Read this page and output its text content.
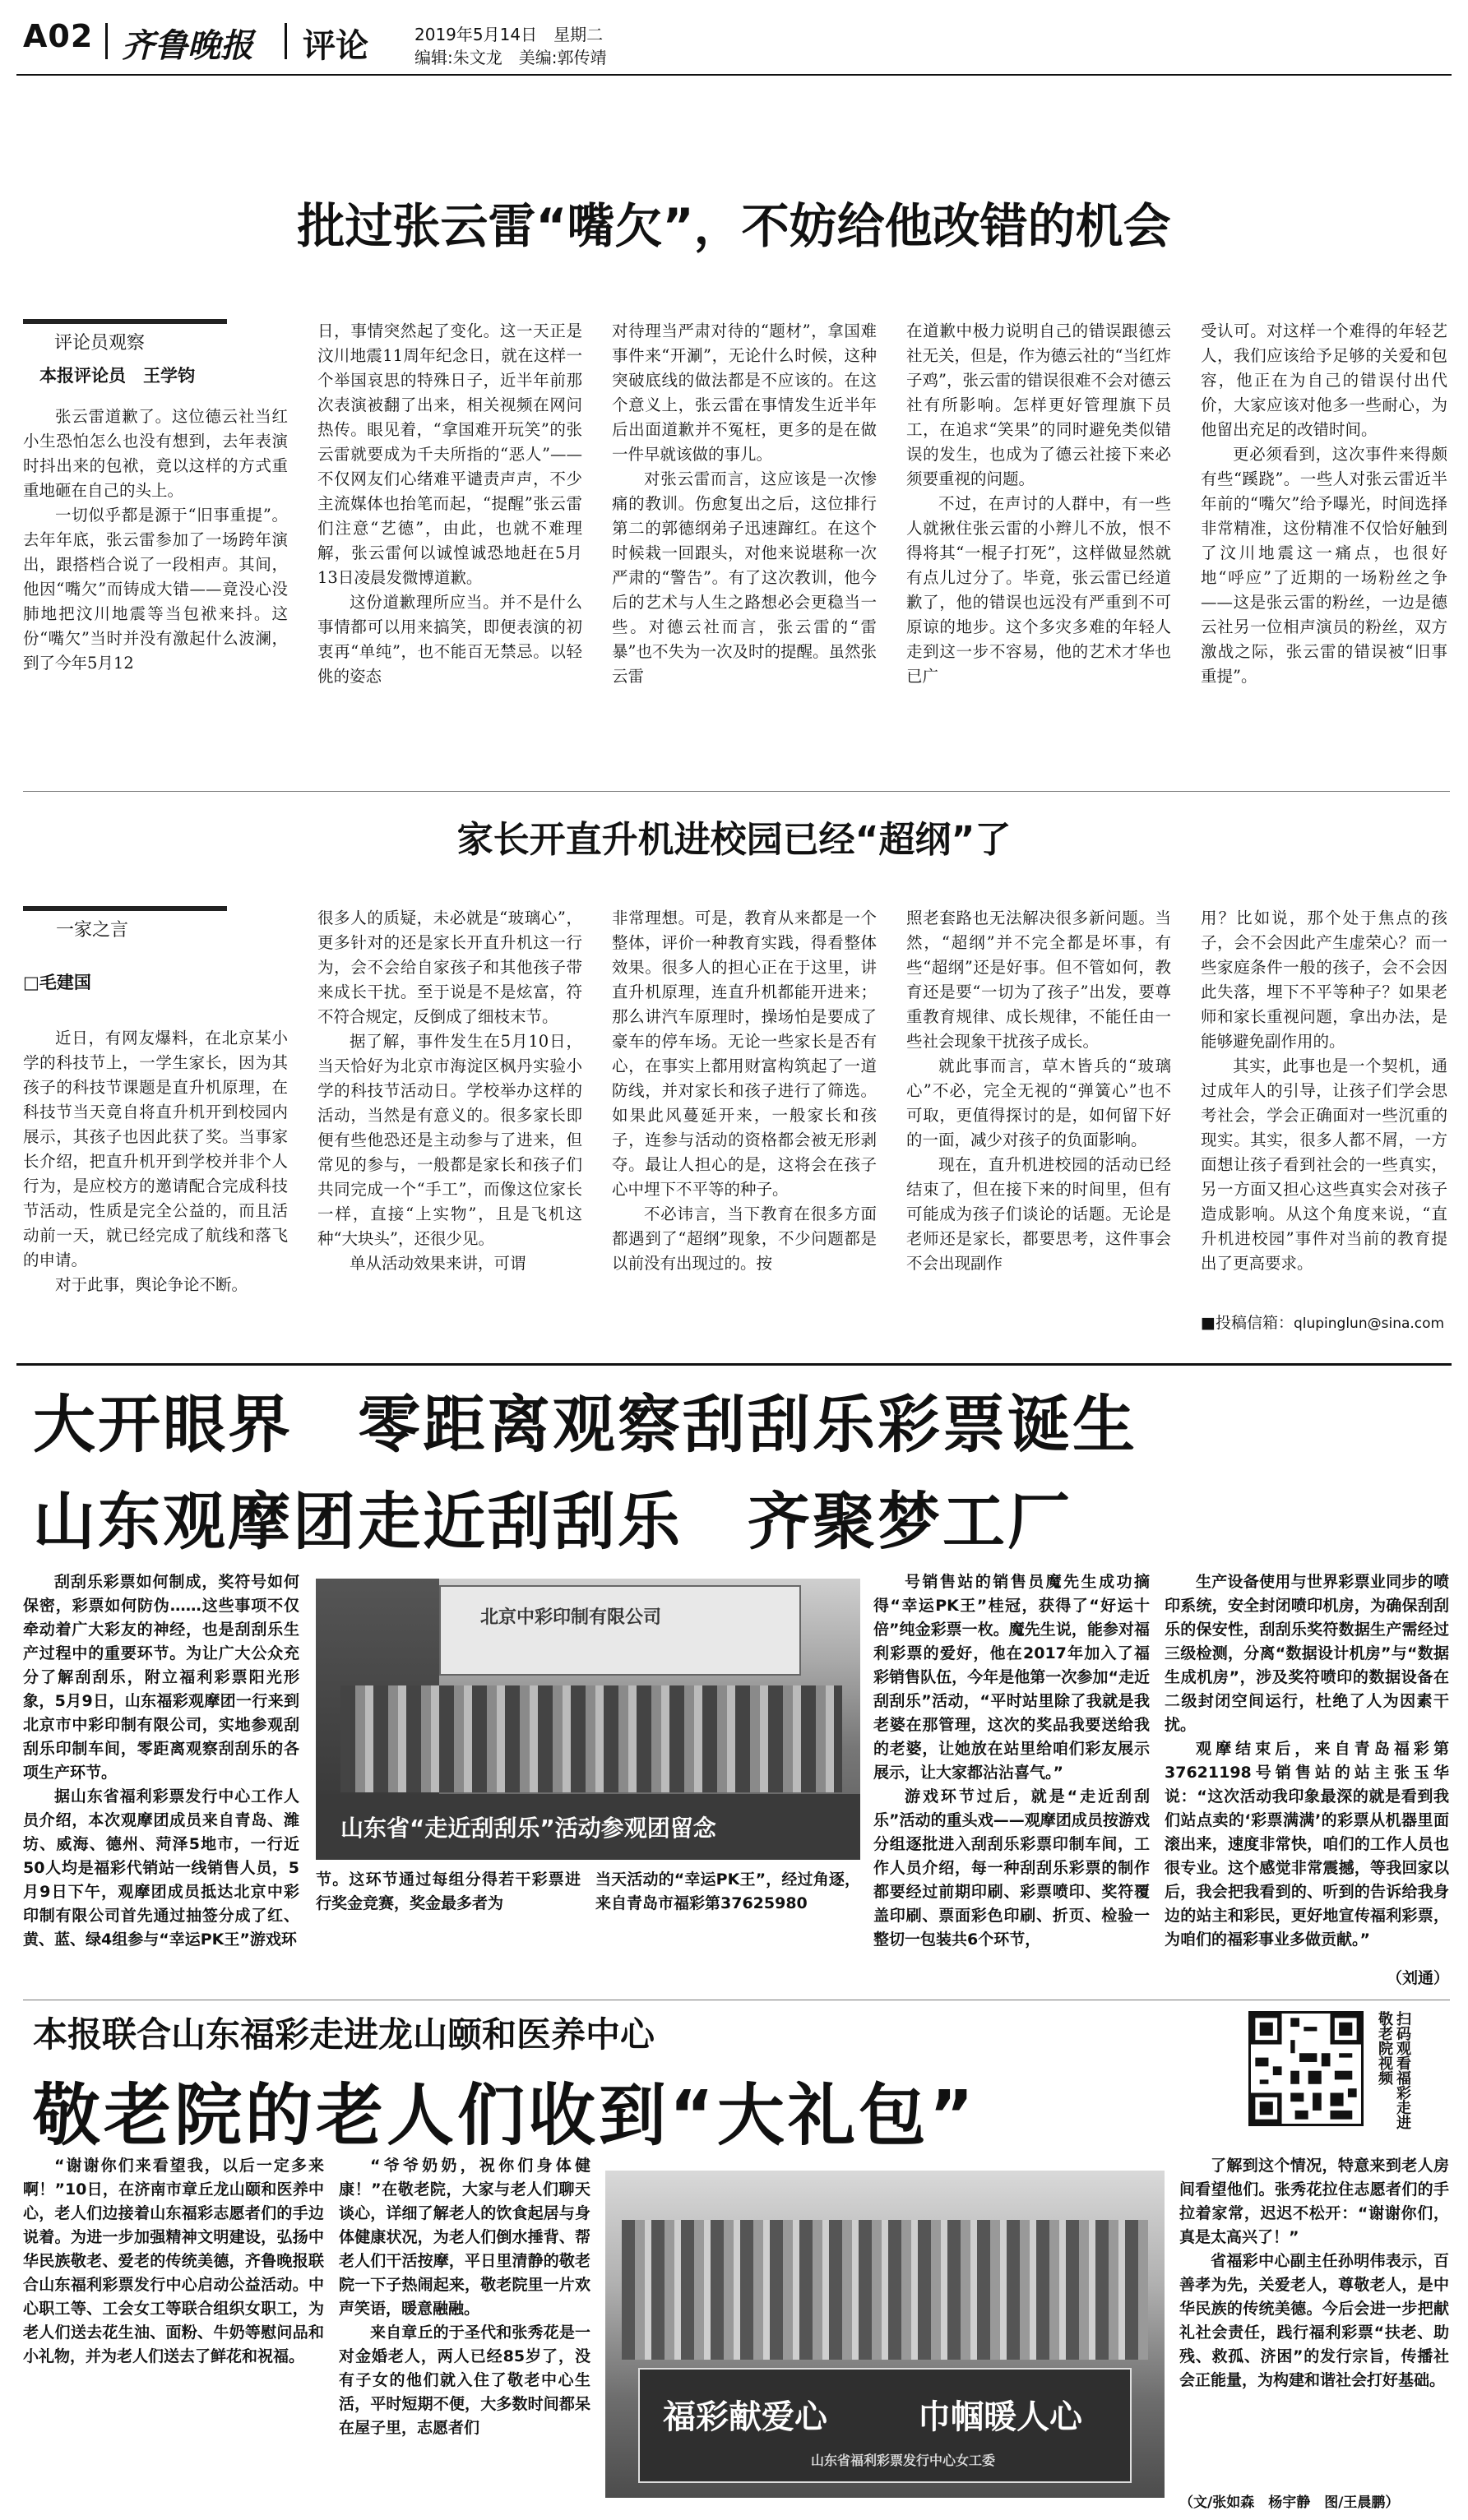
A02 齐鲁晚报 评论	2019年5月14日　星期二
编辑:朱文龙　美编:郭传靖
批过张云雷“嘴欠”，不妨给他改错的机会
评论员观察
本报评论员　王学钧

张云雷道歉了。这位德云社当红小生恐怕怎么也没有想到，去年表演时抖出来的包袱，竟以这样的方式重重地砸在自己的头上。

一切似乎都是源于“旧事重提”。去年年底，张云雷参加了一场跨年演出，跟搭档合说了一段相声。其间，他因“嘴欠”而铸成大错——竟没心没肺地把汶川地震等当包袱来抖。这份“嘴欠”当时并没有激起什么波澜，到了今年5月12

日，事情突然起了变化。这一天正是汶川地震11周年纪念日，就在这样一个举国哀思的特殊日子，近半年前那次表演被翻了出来，相关视频在网问热传。眼见着，“拿国难开玩笑”的张云雷就要成为千夫所指的“恶人”——不仅网友们心绪难平谴责声声，不少主流媒体也抬笔而起，“提醒”张云雷们注意“艺德”，由此，也就不难理解，张云雷何以诚惶诚恐地赶在5月13日凌晨发微博道歉。

这份道歉理所应当。并不是什么事情都可以用来搞笑，即便表演的初衷再“单纯”，也不能百无禁忌。以轻佻的姿态

对待理当严肃对待的“题材”，拿国难事件来“开涮”，无论什么时候，这种突破底线的做法都是不应该的。在这个意义上，张云雷在事情发生近半年后出面道歉并不冤枉，更多的是在做一件早就该做的事儿。

对张云雷而言，这应该是一次惨痛的教训。伤愈复出之后，这位排行第二的郭德纲弟子迅速蹿红。在这个时候栽一回跟头，对他来说堪称一次严肃的“警告”。有了这次教训，他今后的艺术与人生之路想必会更稳当一些。对德云社而言，张云雷的“雷暴”也不失为一次及时的提醒。虽然张云雷

在道歉中极力说明自己的错误跟德云社无关，但是，作为德云社的“当红炸子鸡”，张云雷的错误很难不会对德云社有所影响。怎样更好管理旗下员工，在追求“笑果”的同时避免类似错误的发生，也成为了德云社接下来必须要重视的问题。

不过，在声讨的人群中，有一些人就揪住张云雷的小辫儿不放，恨不得将其“一棍子打死”，这样做显然就有点儿过分了。毕竟，张云雷已经道歉了，他的错误也远没有严重到不可原谅的地步。这个多灾多难的年轻人走到这一步不容易，他的艺术才华也已广

受认可。对这样一个难得的年轻艺人，我们应该给予足够的关爱和包容，他正在为自己的错误付出代价，大家应该对他多一些耐心，为他留出充足的改错时间。

更必须看到，这次事件来得颇有些“蹊跷”。一些人对张云雷近半年前的“嘴欠”给予曝光，时间选择非常精准，这份精准不仅恰好触到了汶川地震这一痛点，也很好地“呼应”了近期的一场粉丝之争——这是张云雷的粉丝，一边是德云社另一位相声演员的粉丝，双方激战之际，张云雷的错误被“旧事重提”。

家长开直升机进校园已经“超纲”了
一家之言
□毛建国

近日，有网友爆料，在北京某小学的科技节上，一学生家长，因为其孩子的科技节课题是直升机原理，在科技节当天竟自将直升机开到校园内展示，其孩子也因此获了奖。当事家长介绍，把直升机开到学校并非个人行为，是应校方的邀请配合完成科技节活动，性质是完全公益的，而且活动前一天，就已经完成了航线和落飞的申请。

对于此事，舆论争论不断。

很多人的质疑，未必就是“玻璃心”，更多针对的还是家长开直升机这一行为，会不会给自家孩子和其他孩子带来成长干扰。至于说是不是炫富，符不符合规定，反倒成了细枝末节。

据了解，事件发生在5月10日，当天恰好为北京市海淀区枫丹实验小学的科技节活动日。学校举办这样的活动，当然是有意义的。很多家长即便有些他恐还是主动参与了进来，但常见的参与，一般都是家长和孩子们共同完成一个“手工”，而像这位家长一样，直接“上实物”，且是飞机这种“大块头”，还很少见。

单从活动效果来讲，可谓

非常理想。可是，教育从来都是一个整体，评价一种教育实践，得看整体效果。很多人的担心正在于这里，讲直升机原理，连直升机都能开进来；那么讲汽车原理时，操场怕是要成了豪车的停车场。无论一些家长是否有心，在事实上都用财富构筑起了一道防线，并对家长和孩子进行了筛选。如果此风蔓延开来，一般家长和孩子，连参与活动的资格都会被无形剥夺。最让人担心的是，这将会在孩子心中埋下不平等的种子。

不必讳言，当下教育在很多方面都遇到了“超纲”现象，不少问题都是以前没有出现过的。按

照老套路也无法解决很多新问题。当然，“超纲”并不完全都是坏事，有些“超纲”还是好事。但不管如何，教育还是要“一切为了孩子”出发，要尊重教育规律、成长规律，不能任由一些社会现象干扰孩子成长。

就此事而言，草木皆兵的“玻璃心”不必，完全无视的“弹簧心”也不可取，更值得探讨的是，如何留下好的一面，减少对孩子的负面影响。

现在，直升机进校园的活动已经结束了，但在接下来的时间里，但有可能成为孩子们谈论的话题。无论是老师还是家长，都要思考，这件事会不会出现副作

用？比如说，那个处于焦点的孩子，会不会因此产生虚荣心？而一些家庭条件一般的孩子，会不会因此失落，埋下不平等种子？如果老师和家长重视问题，拿出办法，是能够避免副作用的。

其实，此事也是一个契机，通过成年人的引导，让孩子们学会思考社会，学会正确面对一些沉重的现实。其实，很多人都不屑，一方面想让孩子看到社会的一些真实，另一方面又担心这些真实会对孩子造成影响。从这个角度来说，“直升机进校园”事件对当前的教育提出了更高要求。

■投稿信箱：qlupinglun@sina.com
大开眼界　零距离观察刮刮乐彩票诞生
山东观摩团走近刮刮乐　齐聚梦工厂

刮刮乐彩票如何制成，奖符号如何保密，彩票如何防伪……这些事项不仅牵动着广大彩友的神经，也是刮刮乐生产过程中的重要环节。为让广大公众充分了解刮刮乐，附立福利彩票阳光形象，5月9日，山东福彩观摩团一行来到北京市中彩印制有限公司，实地参观刮刮乐印制车间，零距离观察刮刮乐的各项生产环节。

据山东省福利彩票发行中心工作人员介绍，本次观摩团成员来自青岛、潍坊、威海、德州、菏泽5地市，一行近50人均是福彩代销站一线销售人员，5月9日下午，观摩团成员抵达北京中彩印制有限公司首先通过抽签分成了红、黄、蓝、绿4组参与“幸运PK王”游戏环

北京中彩印制有限公司
山东省“走近刮刮乐”活动参观团留念
节。这环节通过每组分得若干彩票进行奖金竞赛，奖金最多者为
当天活动的“幸运PK王”，经过角逐，来自青岛市福彩第37625980

号销售站的销售员魔先生成功摘得“幸运PK王”桂冠，获得了“好运十倍”纯金彩票一枚。魔先生说，能参对福利彩票的爱好，他在2017年加入了福彩销售队伍，今年是他第一次参加“走近刮刮乐”活动，“平时站里除了我就是我老婆在那管理，这次的奖品我要送给我的老婆，让她放在站里给咱们彩友展示展示，让大家都沾沾喜气。”

游戏环节过后，就是“走近刮刮乐”活动的重头戏——观摩团成员按游戏分组逐批进入刮刮乐彩票印制车间，工作人员介绍，每一种刮刮乐彩票的制作都要经过前期印刷、彩票喷印、奖符覆盖印刷、票面彩色印刷、折页、检验一整切一包装共6个环节，

生产设备使用与世界彩票业同步的喷印系统，安全封闭喷印机房，为确保刮刮乐的保安性，刮刮乐奖符数据生产需经过三级检测，分离“数据设计机房”与“数据生成机房”，涉及奖符喷印的数据设备在二级封闭空间运行，杜绝了人为因素干扰。

观摩结束后，来自青岛福彩第37621198号销售站的站主张玉华说：“这次活动我印象最深的就是看到我们站点卖的‘彩票满满’的彩票从机器里面滚出来，速度非常快，咱们的工作人员也很专业。这个感觉非常震撼，等我回家以后，我会把我看到的、听到的告诉给我身边的站主和彩民，更好地宣传福利彩票，为咱们的福彩事业多做贡献。”

（刘通）
本报联合山东福彩走进龙山颐和医养中心
敬老院的老人们收到“大礼包”	扫码观看福彩走进敬老院视频

“谢谢你们来看望我，以后一定多来啊！”10日，在济南市章丘龙山颐和医养中心，老人们边接着山东福彩志愿者们的手边说着。为进一步加强精神文明建设，弘扬中华民族敬老、爱老的传统美德，齐鲁晚报联合山东福利彩票发行中心启动公益活动。中心职工等、工会女工等联合组织女职工，为老人们送去花生油、面粉、牛奶等慰问品和小礼物，并为老人们送去了鲜花和祝福。

“爷爷奶奶，祝你们身体健康！”在敬老院，大家与老人们聊天谈心，详细了解老人的饮食起居与身体健康状况，为老人们倒水捶背、帮老人们干活按摩，平日里清静的敬老院一下子热闹起来，敬老院里一片欢声笑语，暖意融融。

来自章丘的于圣代和张秀花是一对金婚老人，两人已经85岁了，没有子女的他们就入住了敬老中心生活，平时短期不便，大多数时间都呆在屋子里，志愿者们	福彩献爱心	巾帼暖人心
山东省福利彩票发行中心女工委

了解到这个情况，特意来到老人房间看望他们。张秀花拉住志愿者们的手拉着家常，迟迟不松开：“谢谢你们，真是太高兴了！”

省福彩中心副主任孙明伟表示，百善孝为先，关爱老人，尊敬老人，是中华民族的传统美德。今后会进一步把献礼社会责任，践行福利彩票“扶老、助残、救孤、济困”的发行宗旨，传播社会正能量，为构建和谐社会打好基础。

（文/张如森　杨宇静　图/王晨鹏）
